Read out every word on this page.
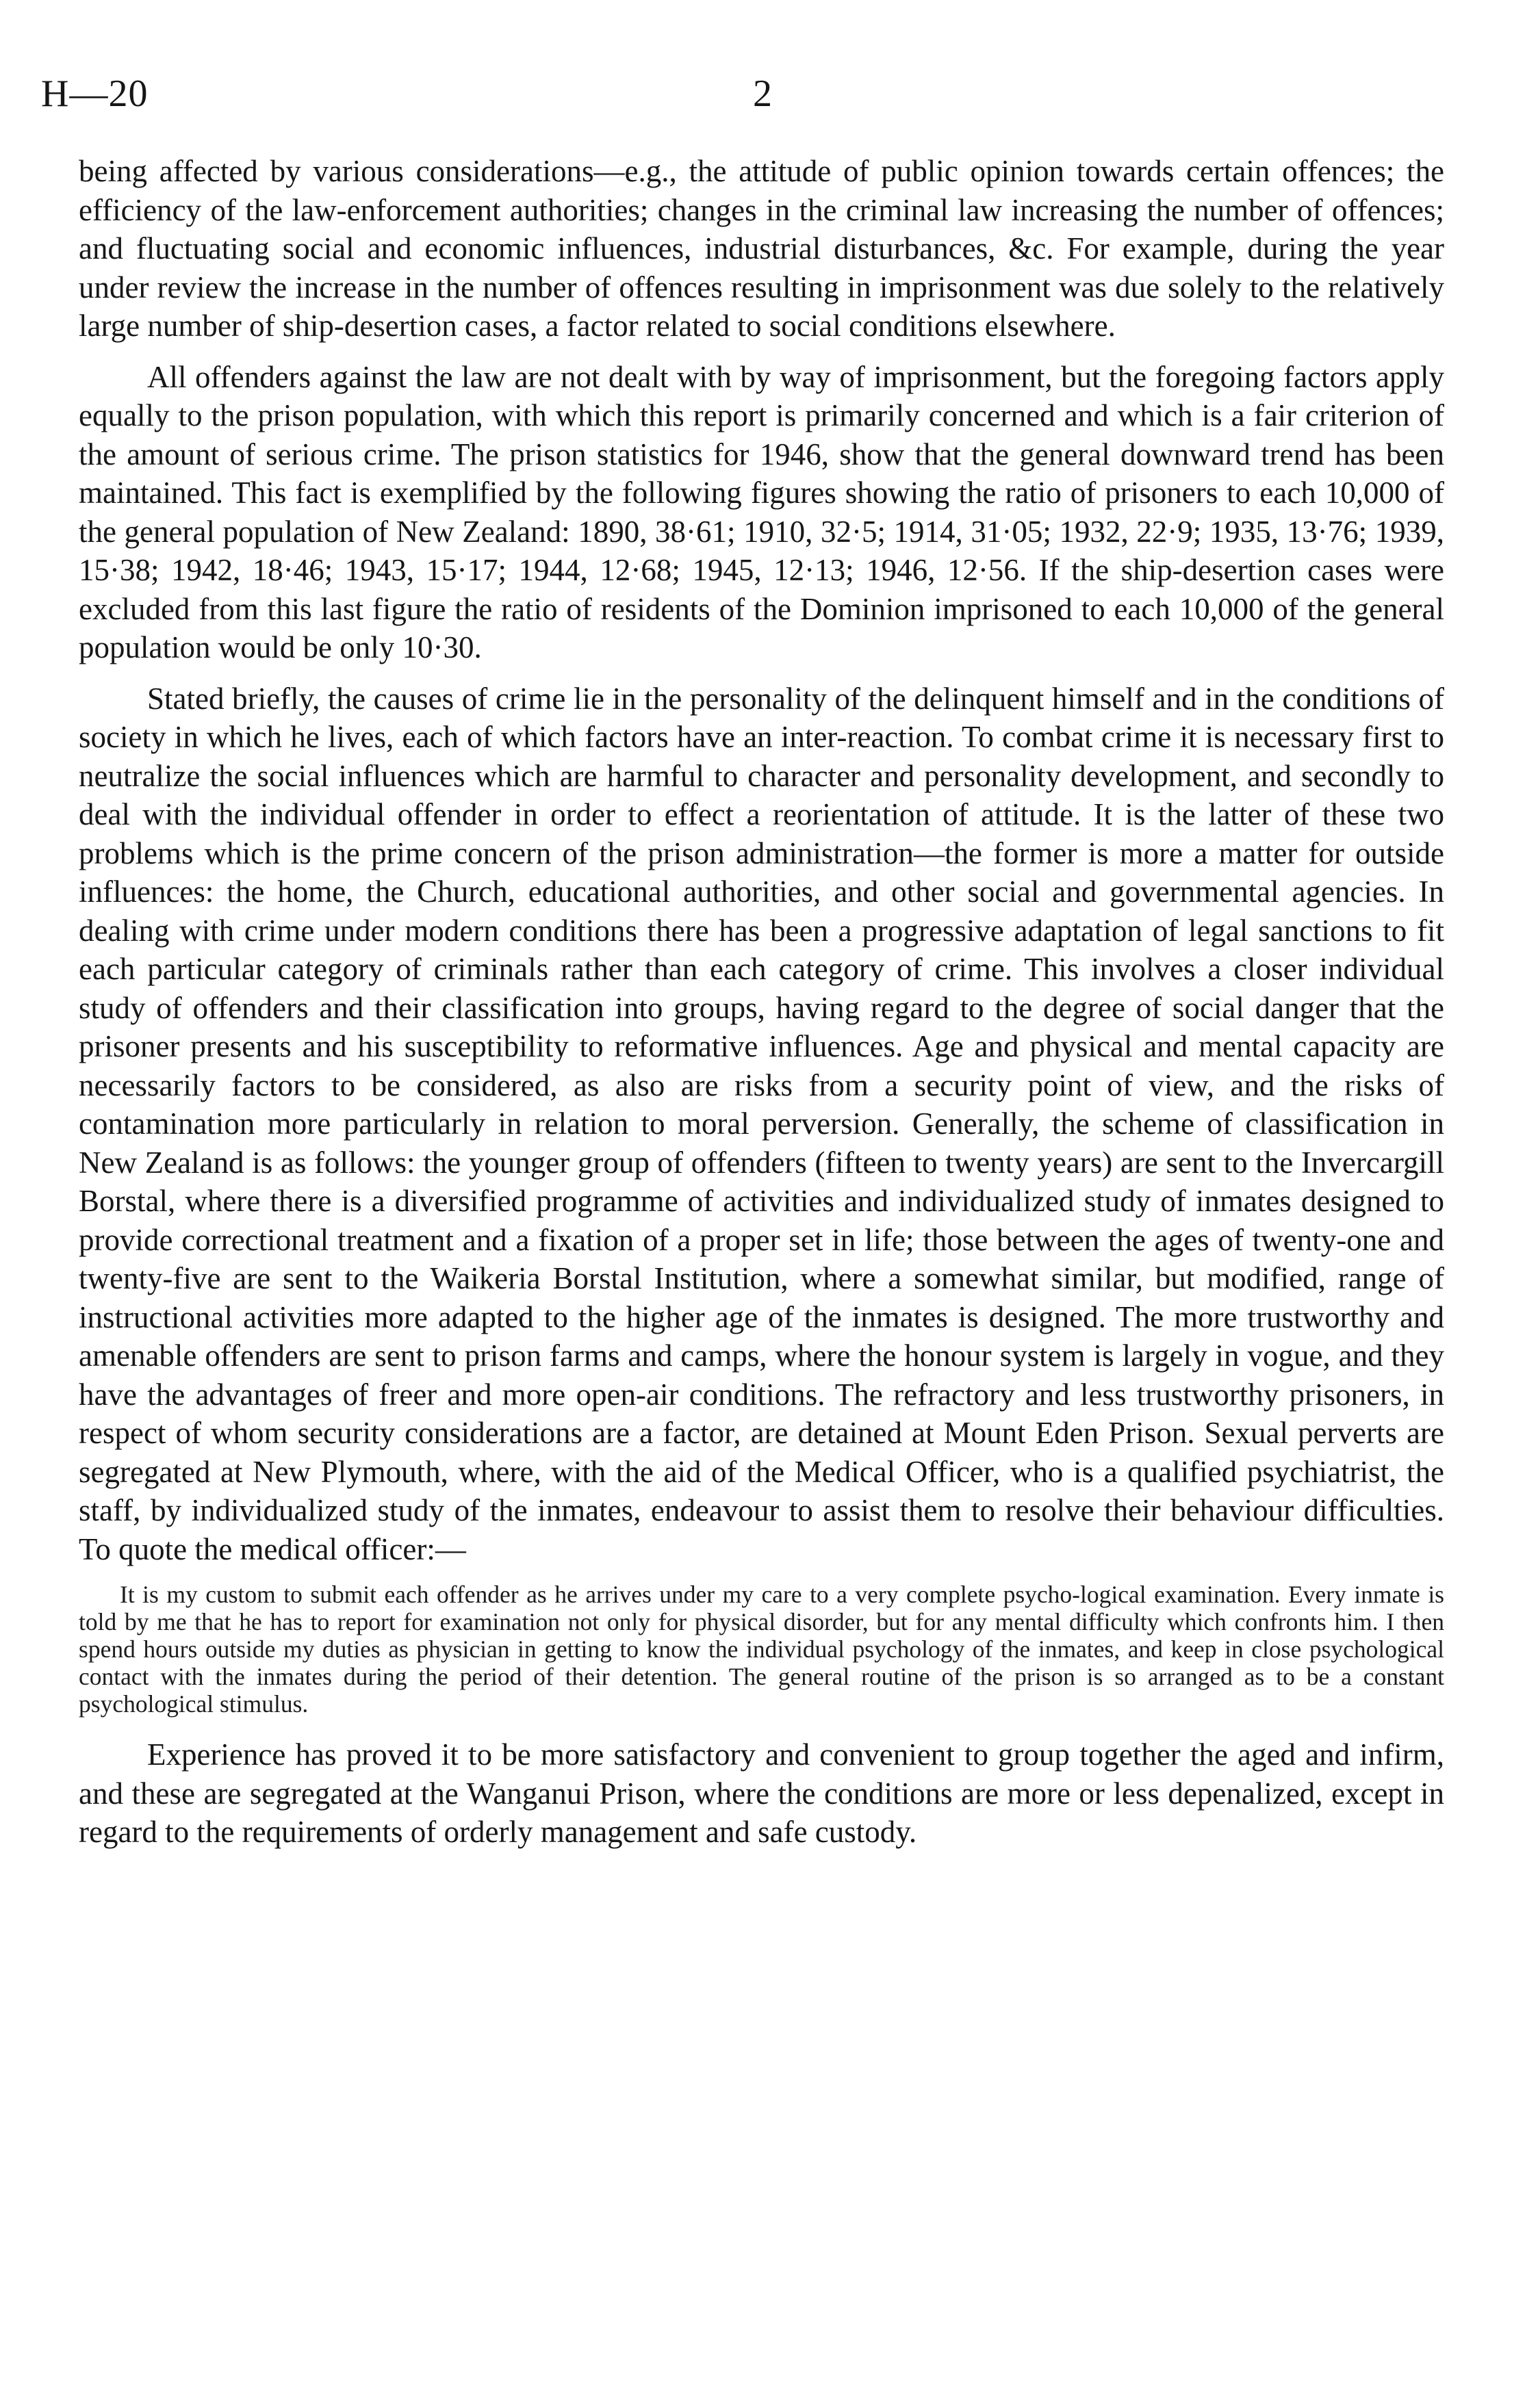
H—20	2

being affected by various considerations—e.g., the attitude of public opinion towards certain offences; the efficiency of the law-enforcement authorities; changes in the criminal law increasing the number of offences; and fluctuating social and economic influences, industrial disturbances, &c. For example, during the year under review the increase in the number of offences resulting in imprisonment was due solely to the relatively large number of ship-desertion cases, a factor related to social conditions elsewhere.

All offenders against the law are not dealt with by way of imprisonment, but the foregoing factors apply equally to the prison population, with which this report is primarily concerned and which is a fair criterion of the amount of serious crime. The prison statistics for 1946, show that the general downward trend has been maintained. This fact is exemplified by the following figures showing the ratio of prisoners to each 10,000 of the general population of New Zealand: 1890, 38·61; 1910, 32·5; 1914, 31·05; 1932, 22·9; 1935, 13·76; 1939, 15·38; 1942, 18·46; 1943, 15·17; 1944, 12·68; 1945, 12·13; 1946, 12·56. If the ship-desertion cases were excluded from this last figure the ratio of residents of the Dominion imprisoned to each 10,000 of the general population would be only 10·30.

Stated briefly, the causes of crime lie in the personality of the delinquent himself and in the conditions of society in which he lives, each of which factors have an inter-reaction. To combat crime it is necessary first to neutralize the social influences which are harmful to character and personality development, and secondly to deal with the individual offender in order to effect a reorientation of attitude. It is the latter of these two problems which is the prime concern of the prison administration—the former is more a matter for outside influences: the home, the Church, educational authorities, and other social and governmental agencies. In dealing with crime under modern conditions there has been a progressive adaptation of legal sanctions to fit each particular category of criminals rather than each category of crime. This involves a closer individual study of offenders and their classification into groups, having regard to the degree of social danger that the prisoner presents and his susceptibility to reformative influences. Age and physical and mental capacity are necessarily factors to be considered, as also are risks from a security point of view, and the risks of contamination more particularly in relation to moral perversion. Generally, the scheme of classification in New Zealand is as follows: the younger group of offenders (fifteen to twenty years) are sent to the Invercargill Borstal, where there is a diversified programme of activities and individualized study of inmates designed to provide correctional treatment and a fixation of a proper set in life; those between the ages of twenty-one and twenty-five are sent to the Waikeria Borstal Institution, where a somewhat similar, but modified, range of instructional activities more adapted to the higher age of the inmates is designed. The more trustworthy and amenable offenders are sent to prison farms and camps, where the honour system is largely in vogue, and they have the advantages of freer and more open-air conditions. The refractory and less trustworthy prisoners, in respect of whom security considerations are a factor, are detained at Mount Eden Prison. Sexual perverts are segregated at New Plymouth, where, with the aid of the Medical Officer, who is a qualified psychiatrist, the staff, by individualized study of the inmates, endeavour to assist them to resolve their behaviour difficulties. To quote the medical officer:—

It is my custom to submit each offender as he arrives under my care to a very complete psycho-logical examination. Every inmate is told by me that he has to report for examination not only for physical disorder, but for any mental difficulty which confronts him. I then spend hours outside my duties as physician in getting to know the individual psychology of the inmates, and keep in close psychological contact with the inmates during the period of their detention. The general routine of the prison is so arranged as to be a constant psychological stimulus.

Experience has proved it to be more satisfactory and convenient to group together the aged and infirm, and these are segregated at the Wanganui Prison, where the conditions are more or less depenalized, except in regard to the requirements of orderly management and safe custody.
